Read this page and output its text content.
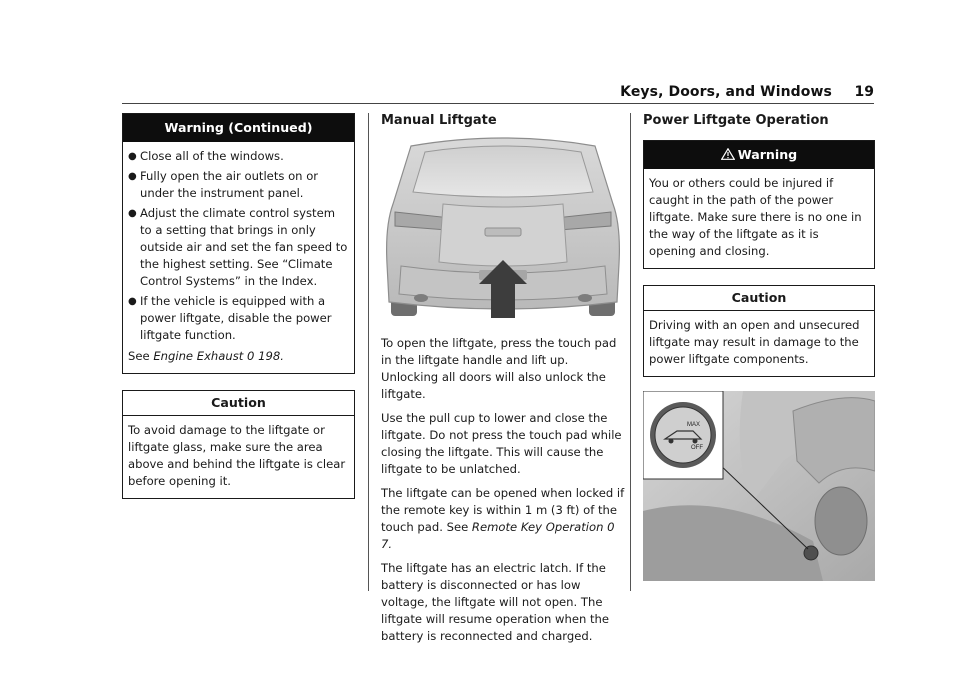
Keys, Doors, and Windows 19
Warning (Continued)
● Close all of the windows.
● Fully open the air outlets on or under the instrument panel.
● Adjust the climate control system to a setting that brings in only outside air and set the fan speed to the highest setting. See “Climate Control Systems” in the Index.
● If the vehicle is equipped with a power liftgate, disable the power liftgate function.

See Engine Exhaust 0 198.

Caution

To avoid damage to the liftgate or liftgate glass, make sure the area above and behind the liftgate is clear before opening it.

Manual Liftgate

To open the liftgate, press the touch pad in the liftgate handle and lift up. Unlocking all doors will also unlock the liftgate.

Use the pull cup to lower and close the liftgate. Do not press the touch pad while closing the liftgate. This will cause the liftgate to be unlatched.

The liftgate can be opened when locked if the remote key is within 1 m (3 ft) of the touch pad. See Remote Key Operation 0 7.

The liftgate has an electric latch. If the battery is disconnected or has low voltage, the liftgate will not open. The liftgate will resume operation when the battery is reconnected and charged.

Power Liftgate Operation

Warning

You or others could be injured if caught in the path of the power liftgate. Make sure there is no one in the way of the liftgate as it is opening and closing.

Caution

Driving with an open and unsecured liftgate may result in damage to the power liftgate components.

MAX
OFF
